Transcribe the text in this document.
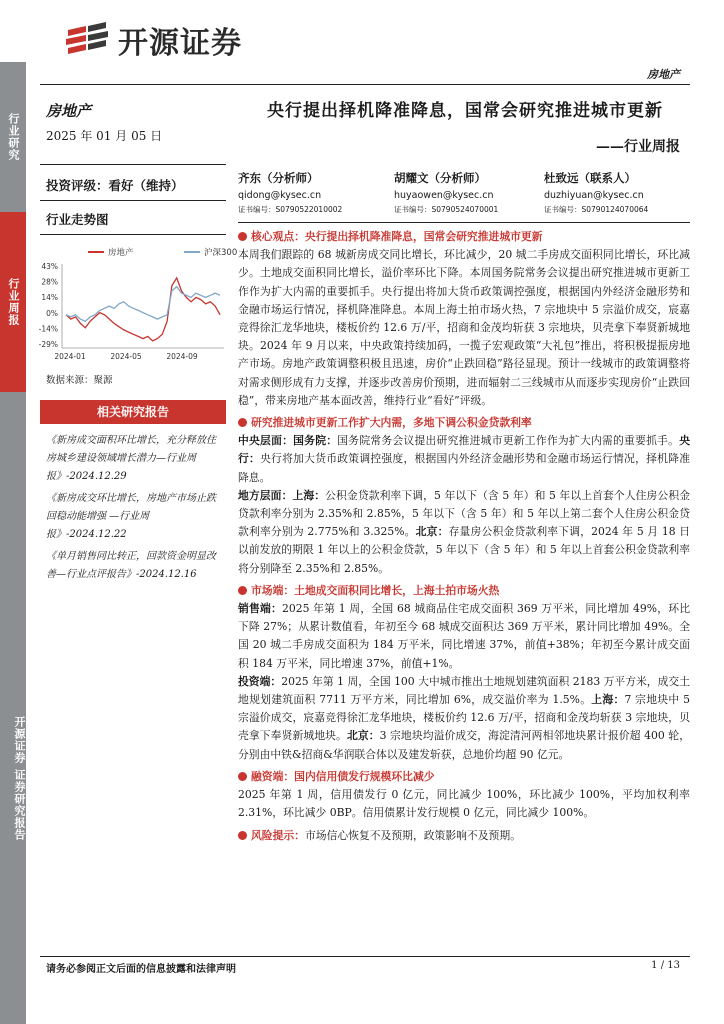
行业研究
行业周报
开源证券 证券研究报告
开源证券
房地产
房地产
2025 年 01 月 05 日
投资评级：看好（维持）
行业走势图
房地产	沪深300
43%
28%
14%
0%
-14%
-29%
2024-01	2024-05	2024-09
数据来源：聚源
相关研究报告
《新房成交面积环比增长，充分释放住房城乡建设领域增长潜力—行业周报》-2024.12.29
《新房成交环比增长，房地产市场止跌回稳动能增强 —行业周报》-2024.12.22
《单月销售同比转正，回款资金明显改善—行业点评报告》-2024.12.16
央行提出择机降准降息，国常会研究推进城市更新
——行业周报
齐东（分析师）
qidong@kysec.cn
证书编号：S0790522010002
胡耀文（分析师）
huyaowen@kysec.cn
证书编号：S0790524070001
杜致远（联系人）
duzhiyuan@kysec.cn
证书编号：S0790124070064

核心观点：央行提出择机降准降息，国常会研究推进城市更新

本周我们跟踪的 68 城新房成交同比增长，环比减少，20 城二手房成交面积同比增长，环比减少。土地成交面积同比增长，溢价率环比下降。本周国务院常务会议提出研究推进城市更新工作作为扩大内需的重要抓手。央行提出将加大货币政策调控强度，根据国内外经济金融形势和金融市场运行情况，择机降准降息。本周上海土拍市场火热，7 宗地块中 5 宗溢价成交，宸嘉竞得徐汇龙华地块，楼板价约 12.6 万/平，招商和金茂均斩获 3 宗地块，贝壳拿下奉贤新城地块。2024 年 9 月以来，中央政策持续加码，一揽子宏观政策“大礼包”推出，将积极提振房地产市场。房地产政策调整积极且迅速，房价“止跌回稳”路径显现。预计一线城市的政策调整将对需求侧形成有力支撑，并逐步改善房价预期，进而辐射二三线城市从而逐步实现房价“止跌回稳”，带来房地产基本面改善，维持行业“看好”评级。

研究推进城市更新工作扩大内需，多地下调公积金贷款利率

中央层面：国务院：国务院常务会议提出研究推进城市更新工作作为扩大内需的重要抓手。央行：央行将加大货币政策调控强度，根据国内外经济金融形势和金融市场运行情况，择机降准降息。

地方层面：上海：公积金贷款利率下调，5 年以下（含 5 年）和 5 年以上首套个人住房公积金贷款利率分别为 2.35%和 2.85%，5 年以下（含 5 年）和 5 年以上第二套个人住房公积金贷款利率分别为 2.775%和 3.325%。北京：存量房公积金贷款利率下调，2024 年 5 月 18 日以前发放的期限 1 年以上的公积金贷款，5 年以下（含 5 年）和 5 年以上首套公积金贷款利率将分别降至 2.35%和 2.85%。

市场端：土地成交面积同比增长，上海土拍市场火热

销售端：2025 年第 1 周，全国 68 城商品住宅成交面积 369 万平米，同比增加 49%，环比下降 27%；从累计数值看，年初至今 68 城成交面积达 369 万平米，累计同比增加 49%。全国 20 城二手房成交面积为 184 万平米，同比增速 37%，前值+38%；年初至今累计成交面积 184 万平米，同比增速 37%，前值+1%。

投资端：2025 年第 1 周，全国 100 大中城市推出土地规划建筑面积 2183 万平方米，成交土地规划建筑面积 7711 万平方米，同比增加 6%，成交溢价率为 1.5%。上海：7 宗地块中 5 宗溢价成交，宸嘉竞得徐汇龙华地块，楼板价约 12.6 万/平，招商和金茂均斩获 3 宗地块，贝壳拿下奉贤新城地块。北京：3 宗地块均溢价成交，海淀清河两相邻地块累计报价超 400 轮，分别由中铁&招商&华润联合体以及建发斩获，总地价均超 90 亿元。

融资端：国内信用债发行规模环比减少

2025 年第 1 周，信用债发行 0 亿元，同比减少 100%，环比减少 100%，平均加权利率 2.31%，环比减少 0BP。信用债累计发行规模 0 亿元，同比减少 100%。

风险提示：市场信心恢复不及预期，政策影响不及预期。

请务必参阅正文后面的信息披露和法律声明	1 / 13
